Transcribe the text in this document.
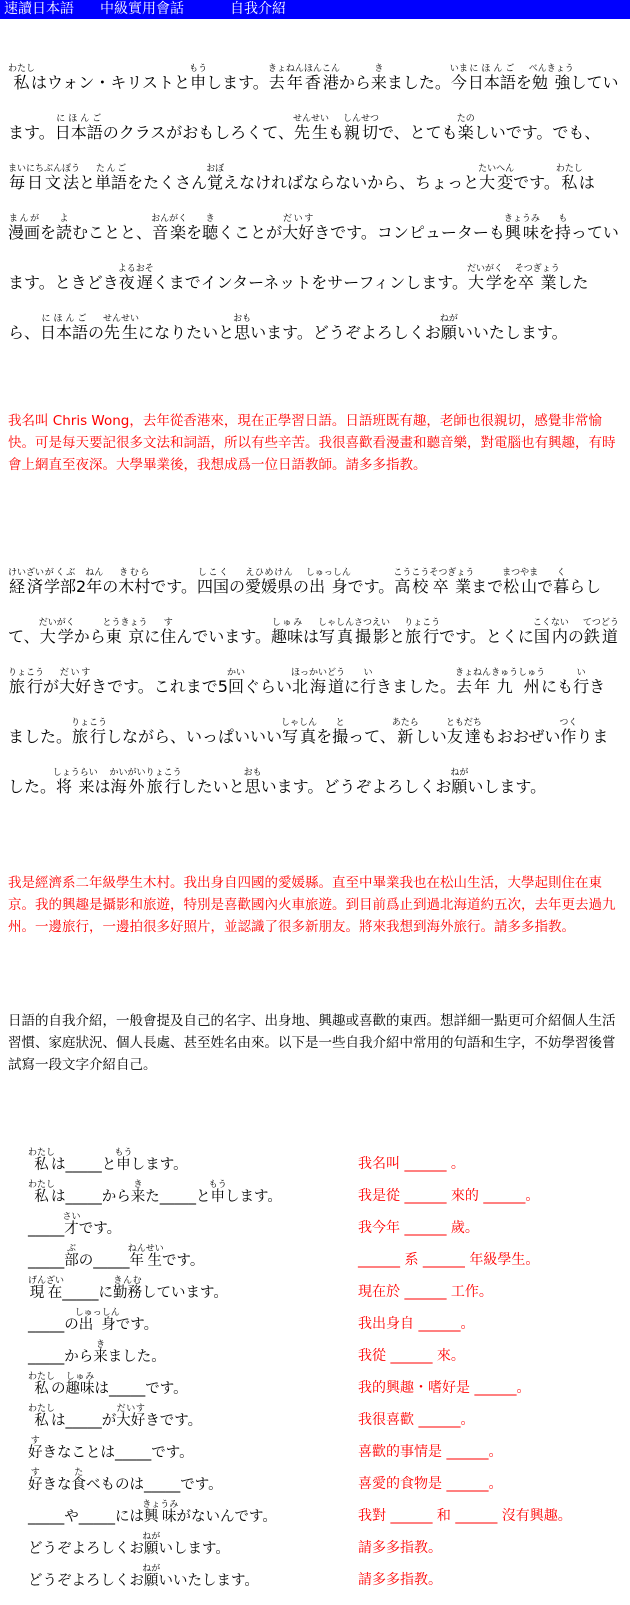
速讀日本語 中級實用會話	自我介紹

私わたしはウォン・キリストと申もうします。去年きょねん香港ほんこんから来きました。今いま日本語にほんごを勉強べんきょうしています。日本語にほんごのクラスがおもしろくて、先生せんせいも親切しんせつで、とても楽たのしいです。でも、毎日まいにち文法ぶんぽうと単語たんごをたくさん覚おぼえなければならないから、ちょっと大変たいへんです。私わたしは漫画まんがを読よむことと、音楽おんがくを聴きくことが大好だいすきです。コンピューターも興味きょうみを持もっています。ときどき夜遅よるおそくまでインターネットをサーフィンします。大学だいがくを卒業そつぎょうしたら、日本語にほんごの先生せんせいになりたいと思おもいます。どうぞよろしくお願ねがいいたします。

我名叫 Chris Wong，去年從香港來，現在正學習日語。日語班既有趣，老師也很親切，感覺非常愉快。可是每天要記很多文法和詞語，所以有些辛苦。我很喜歡看漫畫和聽音樂，對電腦也有興趣，有時會上網直至夜深。大學畢業後，我想成爲一位日語教師。請多多指教。

経済けいざい学部がくぶ2年ねんの木村きむらです。四国しこくの愛媛県えひめけんの出身しゅっしんです。高校こうこう卒業そつぎょうまで松山まつやまで暮くらして、大学だいがくから東京とうきょうに住すんでいます。趣味しゅみは写真しゃしん撮影さつえいと旅行りょこうです。とくに国内こくないの鉄道てつどう旅行りょこうが大好だいすきです。これまで5回かいぐらい北海道ほっかいどうに行いきました。去年きょねん九州きゅうしゅうにも行いきました。旅行りょこうしながら、いっぱいいい写真しゃしんを撮とって、新あたらしい友達ともだちもおおぜい作つくりました。将来しょうらいは海外かいがい旅行りょこうしたいと思おもいます。どうぞよろしくお願ねがいします。

我是經濟系二年級學生木村。我出身自四國的愛媛縣。直至中畢業我也在松山生活，大學起則住在東京。我的興趣是攝影和旅遊，特別是喜歡國內火車旅遊。到目前爲止到過北海道約五次，去年更去過九州。一邊旅行，一邊拍很多好照片，並認識了很多新朋友。將來我想到海外旅行。請多多指教。

日語的自我介紹，一般會提及自己的名字、出身地、興趣或喜歡的東西。想詳細一點更可介紹個人生活習慣、家庭狀況、個人長處、甚至姓名由來。以下是一些自我介紹中常用的句語和生字，不妨學習後嘗試寫一段文字介紹自己。

私わたしは_____と申もうします。	我名叫 ______ 。
私わたしは_____から来きた_____と申もうします。	我是從 ______ 來的 ______。
_____才さいです。	我今年 ______ 歲。
_____部ぶの_____年生ねんせいです。	______ 系 ______ 年級學生。
現在げんざい_____に勤務きんむしています。	現在於 ______ 工作。
_____の出身しゅっしんです。	我出身自 ______。
_____から来きました。	我從 ______ 來。
私わたしの趣味しゅみは_____です。	我的興趣・嗜好是 ______。
私わたしは_____が大好だいすきです。	我很喜歡 ______。
好すきなことは_____です。	喜歡的事情是 ______。
好すきな食たべものは_____です。	喜愛的食物是 ______。
_____や_____には興味きょうみがないんです。	我對 ______ 和 ______ 沒有興趣。
どうぞよろしくお願ねがいします。	請多多指教。
どうぞよろしくお願ねがいいたします。	請多多指教。
